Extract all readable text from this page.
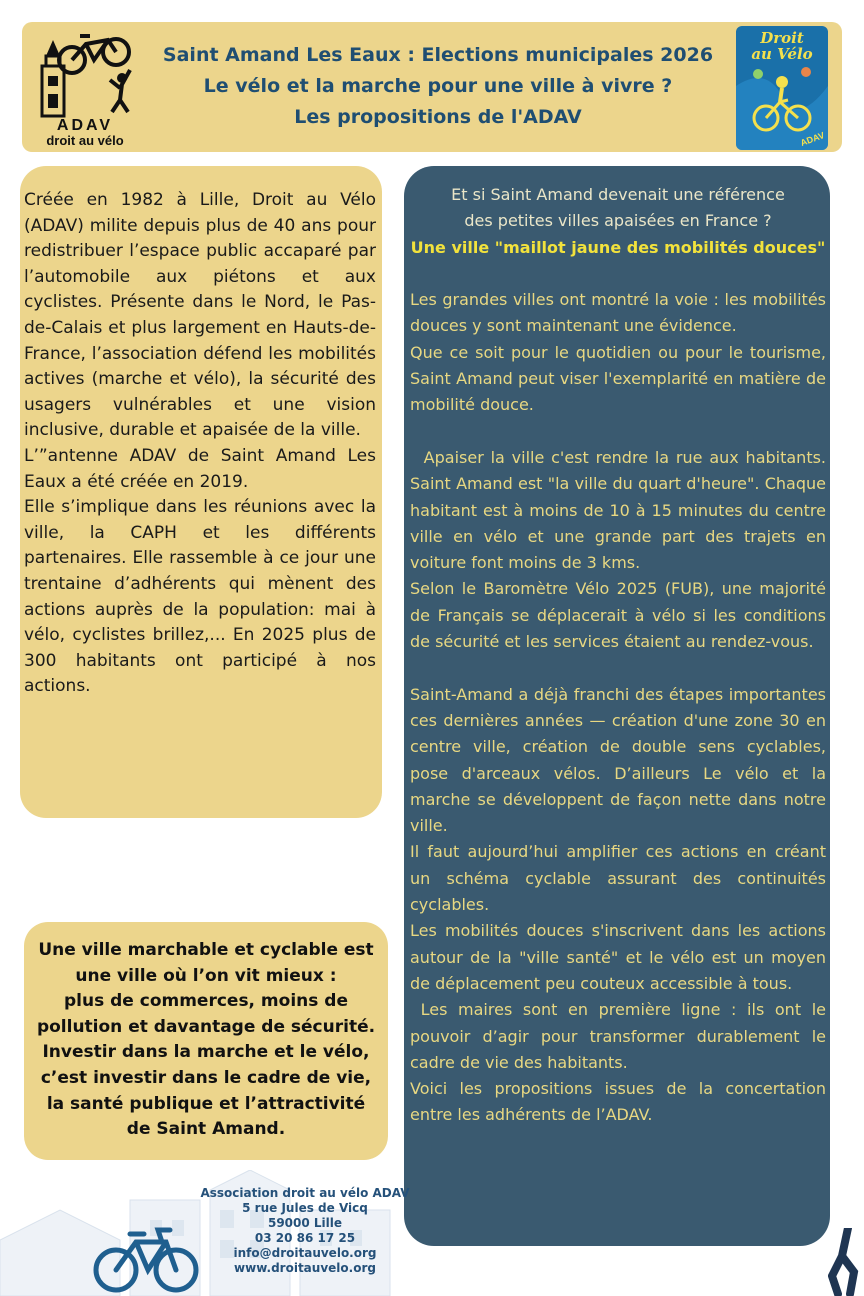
ADAV
droit au vélo
Saint Amand Les Eaux : Elections municipales 2026
Le vélo et la marche pour une ville à vivre ?
Les propositions de l'ADAV
Droit
au Vélo
ADAV

Créée en 1982 à Lille, Droit au Vélo (ADAV) milite depuis plus de 40 ans pour redistribuer l’espace public accaparé par l’automobile aux piétons et aux cyclistes. Présente dans le Nord, le Pas-de-Calais et plus largement en Hauts-de-France, l’association défend les mobilités actives (marche et vélo), la sécurité des usagers vulnérables et une vision inclusive, durable et apaisée de la ville.

L’”antenne ADAV de Saint Amand Les Eaux a été créée en 2019.

Elle s’implique dans les réunions avec la ville, la CAPH et les différents partenaires. Elle rassemble à ce jour une trentaine d’adhérents qui mènent des actions auprès de la population: mai à vélo, cyclistes brillez,... En 2025 plus de 300 habitants ont participé à nos actions.

Une ville marchable et cyclable est
une ville où l’on vit mieux :
plus de commerces, moins de
pollution et davantage de sécurité.
Investir dans la marche et le vélo,
c’est investir dans le cadre de vie,
la santé publique et l’attractivité
de Saint Amand.
Et si Saint Amand devenait une référence
des petites villes apaisées en France ?
Une ville "maillot jaune des mobilités douces"

Les grandes villes ont montré la voie : les mobilités douces y sont maintenant une évidence.

Que ce soit pour le quotidien ou pour le tourisme, Saint Amand peut viser l'exemplarité en matière de mobilité douce.

Apaiser la ville c'est rendre la rue aux habitants. Saint Amand est "la ville du quart d'heure". Chaque habitant est à moins de 10 à 15 minutes du centre ville en vélo et une grande part des trajets en voiture font moins de 3 kms.

Selon le Baromètre Vélo 2025 (FUB), une majorité de Français se déplacerait à vélo si les conditions de sécurité et les services étaient au rendez-vous.

Saint-Amand a déjà franchi des étapes importantes ces dernières années — création d'une zone 30 en centre ville, création de double sens cyclables, pose d'arceaux vélos. D’ailleurs Le vélo et la marche se développent de façon nette dans notre ville.

Il faut aujourd’hui amplifier ces actions en créant un schéma cyclable assurant des continuités cyclables.

Les mobilités douces s'inscrivent dans les actions autour de la "ville santé" et le vélo est un moyen de déplacement peu couteux accessible à tous.

Les maires sont en première ligne : ils ont le pouvoir d’agir pour transformer durablement le cadre de vie des habitants.

Voici les propositions issues de la concertation entre les adhérents de l’ADAV.

Association droit au vélo ADAV
5 rue Jules de Vicq
59000 Lille
03 20 86 17 25
info@droitauvelo.org
www.droitauvelo.org
